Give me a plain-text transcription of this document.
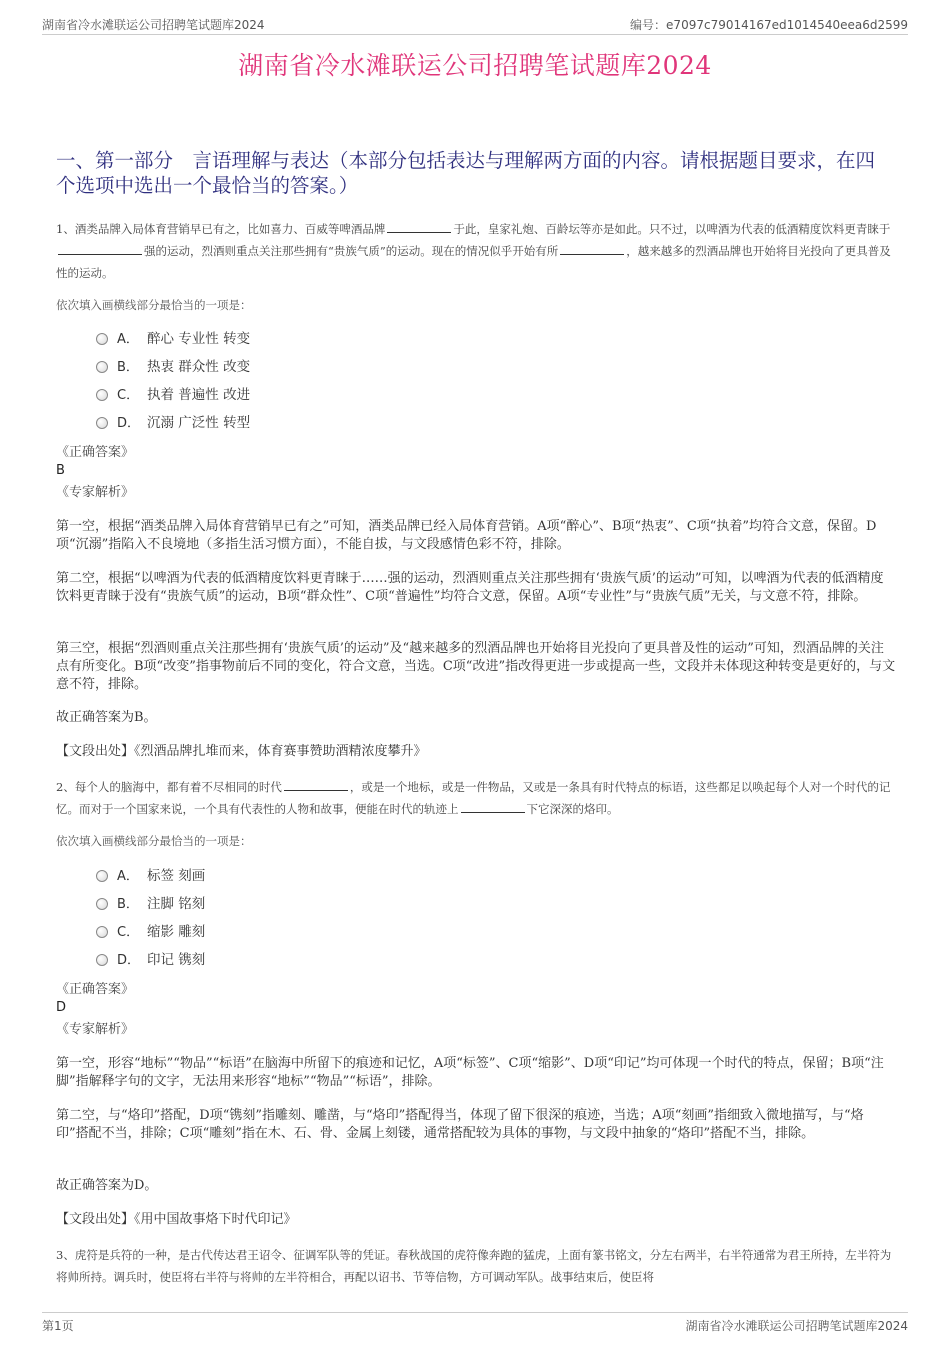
湖南省冷水滩联运公司招聘笔试题库2024	编号：e7097c79014167ed1014540eea6d2599
湖南省冷水滩联运公司招聘笔试题库2024
一、第一部分　言语理解与表达（本部分包括表达与理解两方面的内容。请根据题目要求，在四个选项中选出一个最恰当的答案。）
1、酒类品牌入局体育营销早已有之，比如喜力、百威等啤酒品牌	于此，皇家礼炮、百龄坛等亦是如此。只不过，以啤酒为代表的低酒精度饮料更青睐于强的运动，烈酒则重点关注那些拥有“贵族气质”的运动。现在的情况似乎开始有所	，越来越多的烈酒品牌也开始将目光投向了更具普及性的运动。
依次填入画横线部分最恰当的一项是：
A． 醉心 专业性 转变
B． 热衷 群众性 改变
C． 执着 普遍性 改进
D． 沉溺 广泛性 转型
《正确答案》
B
《专家解析》
第一空，根据“酒类品牌入局体育营销早已有之”可知，酒类品牌已经入局体育营销。A项“醉心”、B项“热衷”、C项“执着”均符合文意，保留。D项“沉溺”指陷入不良境地（多指生活习惯方面），不能自拔，与文段感情色彩不符，排除。
第二空，根据“以啤酒为代表的低酒精度饮料更青睐于……强的运动，烈酒则重点关注那些拥有‘贵族气质’的运动”可知，以啤酒为代表的低酒精度饮料更青睐于没有“贵族气质”的运动，B项“群众性”、C项“普遍性”均符合文意，保留。A项“专业性”与“贵族气质”无关，与文意不符，排除。
第三空，根据“烈酒则重点关注那些拥有‘贵族气质’的运动”及“越来越多的烈酒品牌也开始将目光投向了更具普及性的运动”可知，烈酒品牌的关注点有所变化。B项“改变”指事物前后不同的变化，符合文意，当选。C项“改进”指改得更进一步或提高一些，文段并未体现这种转变是更好的，与文意不符，排除。
故正确答案为B。
【文段出处】《烈酒品牌扎堆而来，体育赛事赞助酒精浓度攀升》
2、每个人的脑海中，都有着不尽相同的时代	，或是一个地标，或是一件物品，又或是一条具有时代特点的标语，这些都足以唤起每个人对一个时代的记忆。而对于一个国家来说，一个具有代表性的人物和故事，便能在时代的轨迹上	下它深深的烙印。
依次填入画横线部分最恰当的一项是：
A． 标签 刻画
B． 注脚 铭刻
C． 缩影 雕刻
D． 印记 镌刻
《正确答案》
D
《专家解析》
第一空，形容“地标”“物品”“标语”在脑海中所留下的痕迹和记忆，A项“标签”、C项“缩影”、D项“印记”均可体现一个时代的特点，保留；B项“注脚”指解释字句的文字，无法用来形容“地标”“物品”“标语”，排除。
第二空，与“烙印”搭配，D项“镌刻”指雕刻、雕凿，与“烙印”搭配得当，体现了留下很深的痕迹，当选；A项“刻画”指细致入微地描写，与“烙印”搭配不当，排除；C项“雕刻”指在木、石、骨、金属上刻镂，通常搭配较为具体的事物，与文段中抽象的“烙印”搭配不当，排除。
故正确答案为D。
【文段出处】《用中国故事烙下时代印记》
3、虎符是兵符的一种，是古代传达君王诏令、征调军队等的凭证。春秋战国的虎符像奔跑的猛虎，上面有篆书铭文，分左右两半，右半符通常为君王所持，左半符为将帅所持。调兵时，使臣将右半符与将帅的左半符相合，再配以诏书、节等信物，方可调动军队。战事结束后，使臣将
第1页	湖南省冷水滩联运公司招聘笔试题库2024
